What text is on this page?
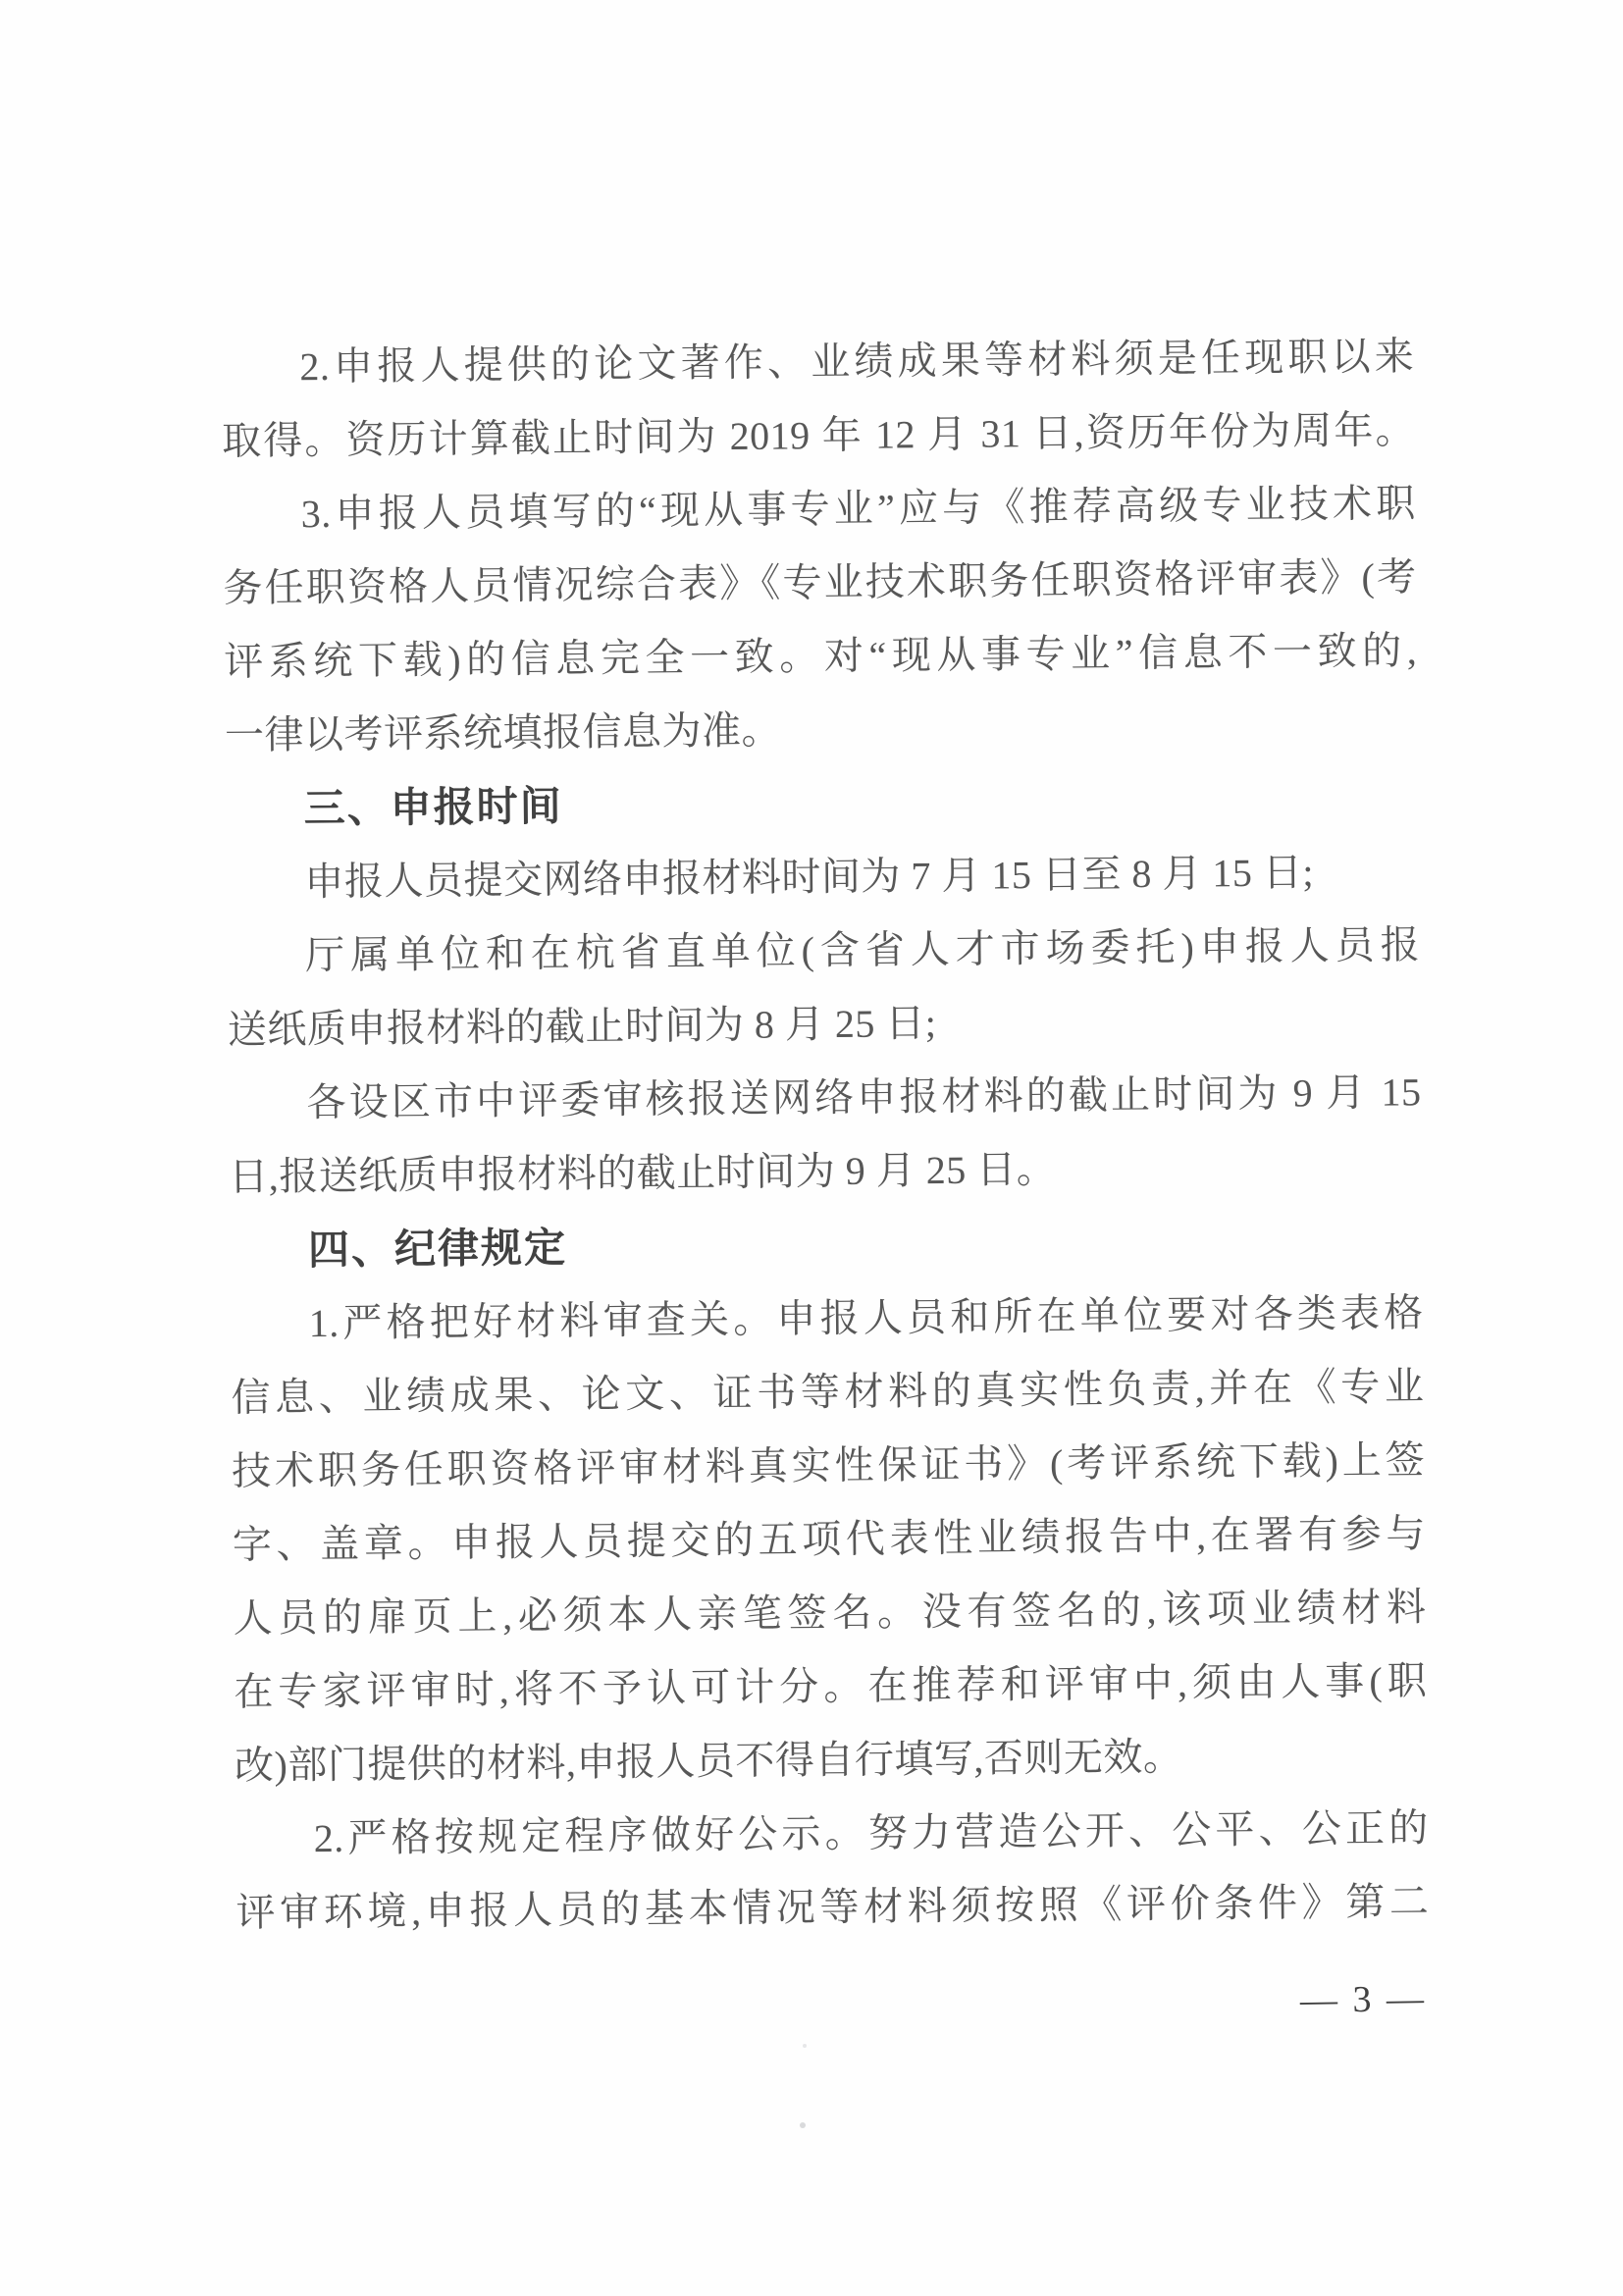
2.申报人提供的论文著作、业绩成果等材料须是任现职以来
取得。资历计算截止时间为 2019 年 12 月 31 日,资历年份为周年。
3.申报人员填写的“现从事专业”应与《推荐高级专业技术职
务任职资格人员情况综合表》《专业技术职务任职资格评审表》(考
评系统下载)的信息完全一致。对“现从事专业”信息不一致的,
一律以考评系统填报信息为准。
三、申报时间
申报人员提交网络申报材料时间为 7 月 15 日至 8 月 15 日;
厅属单位和在杭省直单位(含省人才市场委托)申报人员报
送纸质申报材料的截止时间为 8 月 25 日;
各设区市中评委审核报送网络申报材料的截止时间为 9 月 15
日,报送纸质申报材料的截止时间为 9 月 25 日。
四、纪律规定
1.严格把好材料审查关。申报人员和所在单位要对各类表格
信息、业绩成果、论文、证书等材料的真实性负责,并在《专业
技术职务任职资格评审材料真实性保证书》(考评系统下载)上签
字、盖章。申报人员提交的五项代表性业绩报告中,在署有参与
人员的扉页上,必须本人亲笔签名。没有签名的,该项业绩材料
在专家评审时,将不予认可计分。在推荐和评审中,须由人事(职
改)部门提供的材料,申报人员不得自行填写,否则无效。
2.严格按规定程序做好公示。努力营造公开、公平、公正的
评审环境,申报人员的基本情况等材料须按照《评价条件》第二
— 3 —
